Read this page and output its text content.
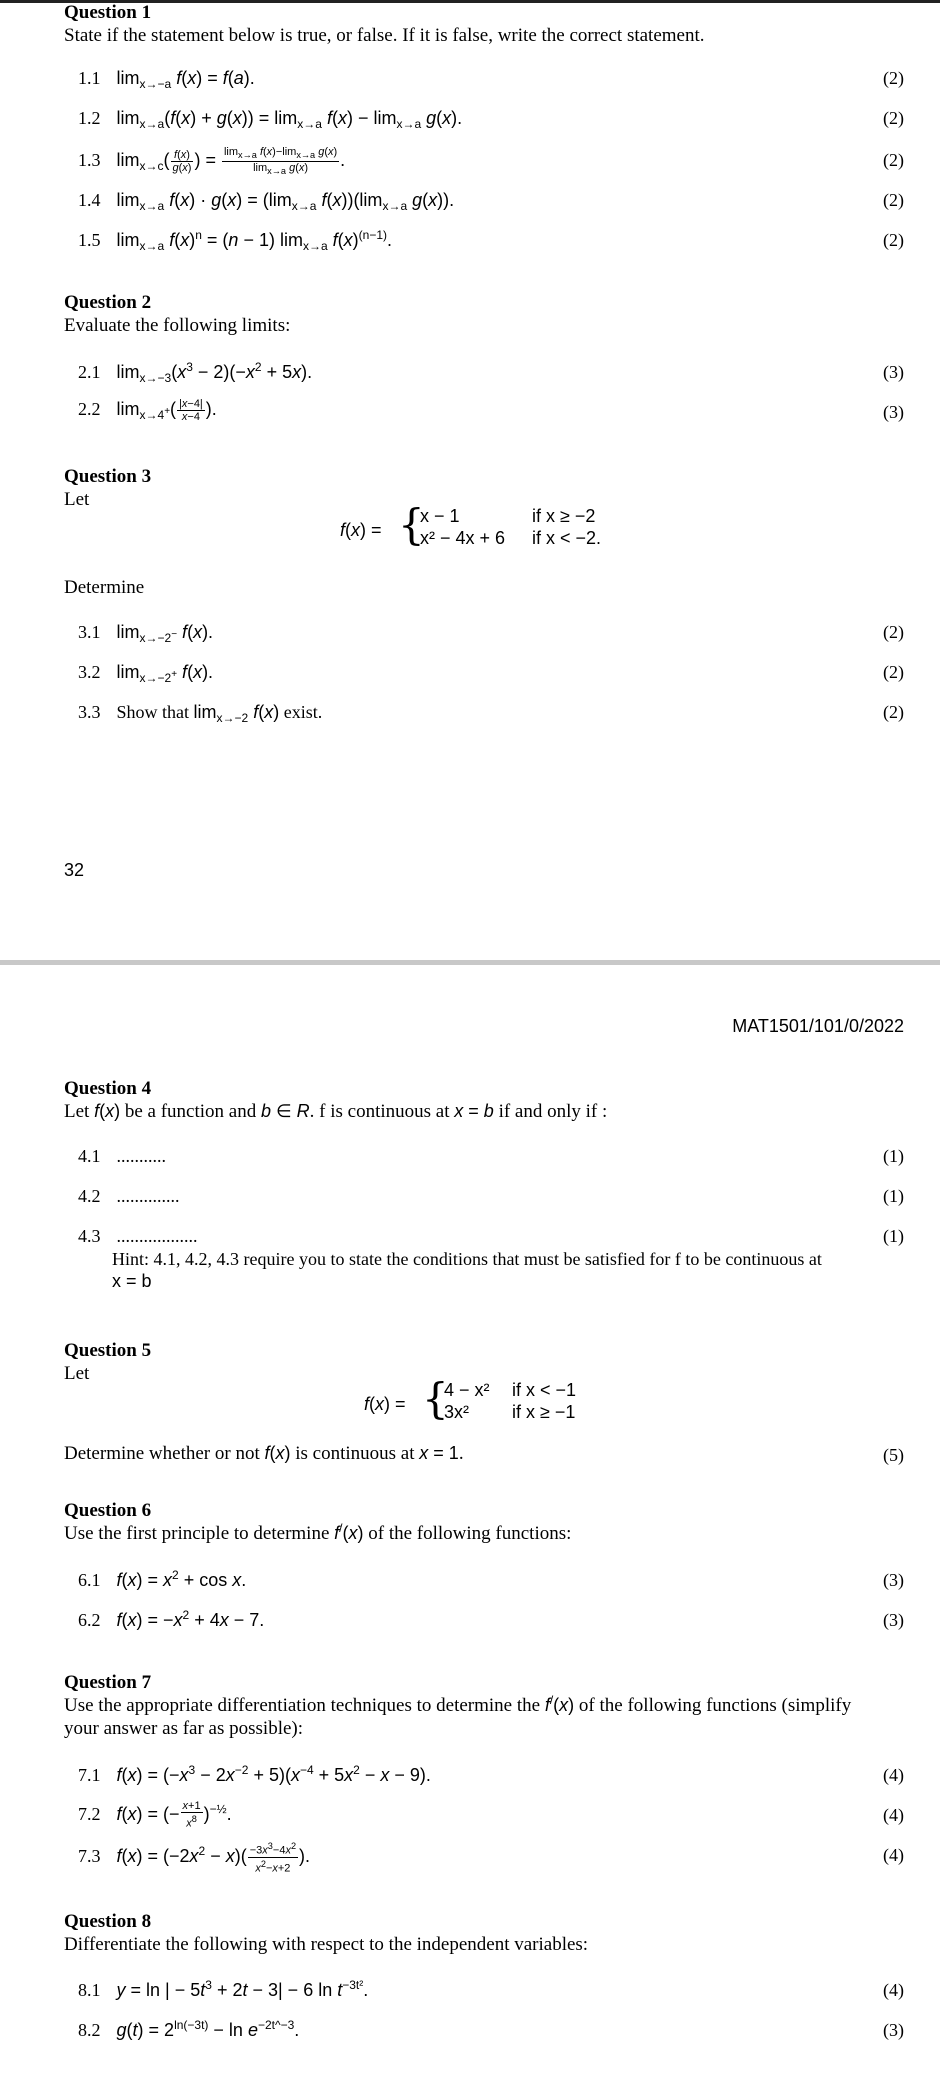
Question 1
State if the statement below is true, or false. If it is false, write the correct statement.
1.1 $\lim_{x\to-a} f(x) = f(a)$.	(2)
1.2 $\lim_{x\to a}(f(x) + g(x)) = \lim_{x\to a} f(x) - \lim_{x\to a} g(x)$.	(2)
1.3 $\lim_{x\to c}( \frac{f(x)}{g(x)}$ ) = $\frac{\lim_{x\to a} f(x)-\lim_{x\to a} g(x)}{\lim_{x\to a} g(x)}$ .	(2)
1.4 $\lim_{x\to a} f(x) \cdot g(x) = (\lim_{x\to a}$ $f(x))(\lim_{x\to a}$ g(x)).	(2)
1.5 $\lim_{x\to a} f(x)^n = (n - 1)$ $\lim_{x\to a} f(x)^{(n-1)}$.	(2)
Question 2
Evaluate the following limits:
2.1 $\lim_{x\to-3}(x^3 - 2)(-x^2 + 5x)$.	(3)
2.2 $\lim_{x\to 4^+}( \frac{|x-4|}{x-4}$ ).	(3)
Question 3
Let
f(x) = {
x − 1	if x ≥ −2
x² − 4x + 6 if x < −2.
Determine
3.1 $\lim_{x\to-2^-} f(x)$.	(2)
3.2 $\lim_{x\to-2^+} f(x)$.	(2)
3.3 Show that $\lim_{x\to-2} f(x)$ exist.	(2)
32
MAT1501/101/0/2022
Question 4
Let f(x) be a function and b ∈ R. f is continuous at x = b if and only if :
4.1 ...........	(1)
4.2 ..............	(1)
4.3 ..................	(1)
Hint: 4.1, 4.2, 4.3 require you to state the conditions that must be satisfied for f to be continuous at
x = b
Question 5
Let
f(x) = {
4 − x² if x < −1
3x² if x ≥ −1
Determine whether or not f(x) is continuous at x = 1.	(5)
Question 6
Use the first principle to determine f/(x) of the following functions:
6.1 $f(x) = x^2 + \cos x$.	(3)
6.2 $f(x) = -x^2 + 4x - 7$.	(3)
Question 7
Use the appropriate differentiation techniques to determine the f/(x) of the following functions (simplify
your answer as far as possible):
7.1 $f(x) = (-x^3 - 2x^{-2} + 5)(x^{-4} + 5x^2 - x - 9)$.	(4)
7.2 f(x) = (− $\frac{x+1}{x^8} )^{-\frac{1}{2}}$.	(4)
7.3 $f(x) = (-2x^2 - x)( \frac{-3x^3-4x^2}{x^2-x+2}$ ).	(4)
Question 8
Differentiate the following with respect to the independent variables:
8.1 y = ln | − $5t^3 + 2t - 3| - 6$ $\ln t^{-3t^2}$.	(4)
8.2 $g(t) = 2^{ln(-3t)} - \ln e^{-2t\^{}-3}$.	(3)
